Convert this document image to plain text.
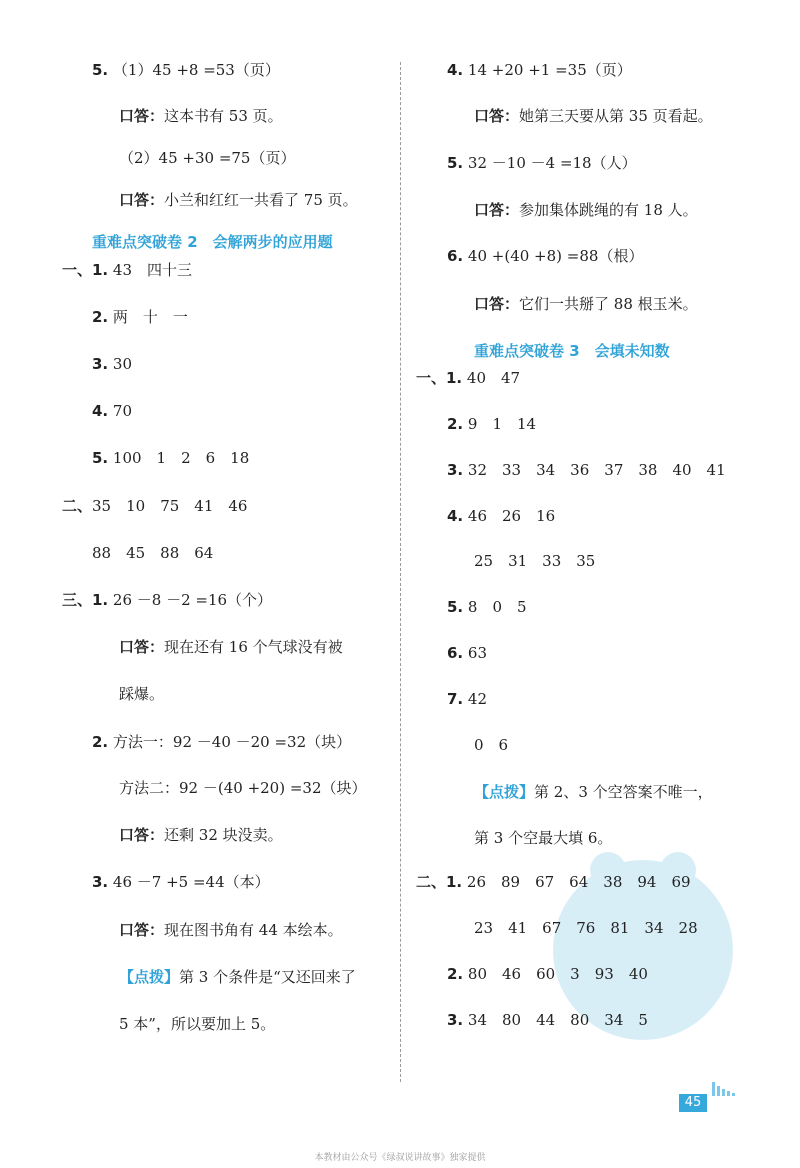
5. （1）45 +8 =53（页）
口答：这本书有 53 页。
（2）45 +30 =75（页）
口答：小兰和红红一共看了 75 页。
重难点突破卷 2　会解两步的应用题
一、1. 43　四十三
2. 两　十　一
3. 30
4. 70
5. 100　1　2　6　18
二、35　10　75　41　46
88　45　88　64
三、1. 26 －8 －2 =16（个）
口答：现在还有 16 个气球没有被
踩爆。
2. 方法一：92 －40 －20 =32（块）
方法二：92 －(40 +20) =32（块）
口答：还剩 32 块没卖。
3. 46 －7 +5 =44（本）
口答：现在图书角有 44 本绘本。
【点拨】第 3 个条件是“又还回来了
5 本”，所以要加上 5。
4. 14 +20 +1 =35（页）
口答：她第三天要从第 35 页看起。
5. 32 －10 －4 =18（人）
口答：参加集体跳绳的有 18 人。
6. 40 +(40 +8) =88（根）
口答：它们一共掰了 88 根玉米。
重难点突破卷 3　会填未知数
一、1. 40　47
2. 9　1　14
3. 32　33　34　36　37　38　40　41
4. 46　26　16
25　31　33　35
5. 8　0　5
6. 63
7. 42
0　6
【点拨】第 2、3 个空答案不唯一，
第 3 个空最大填 6。
二、1. 26　89　67　64　38　94　69
23　41　67　76　81　34　28
2. 80　46　60　3　93　40
3. 34　80　44　80　34　5
45
本教材由公众号《绿叔说讲故事》独家提供
